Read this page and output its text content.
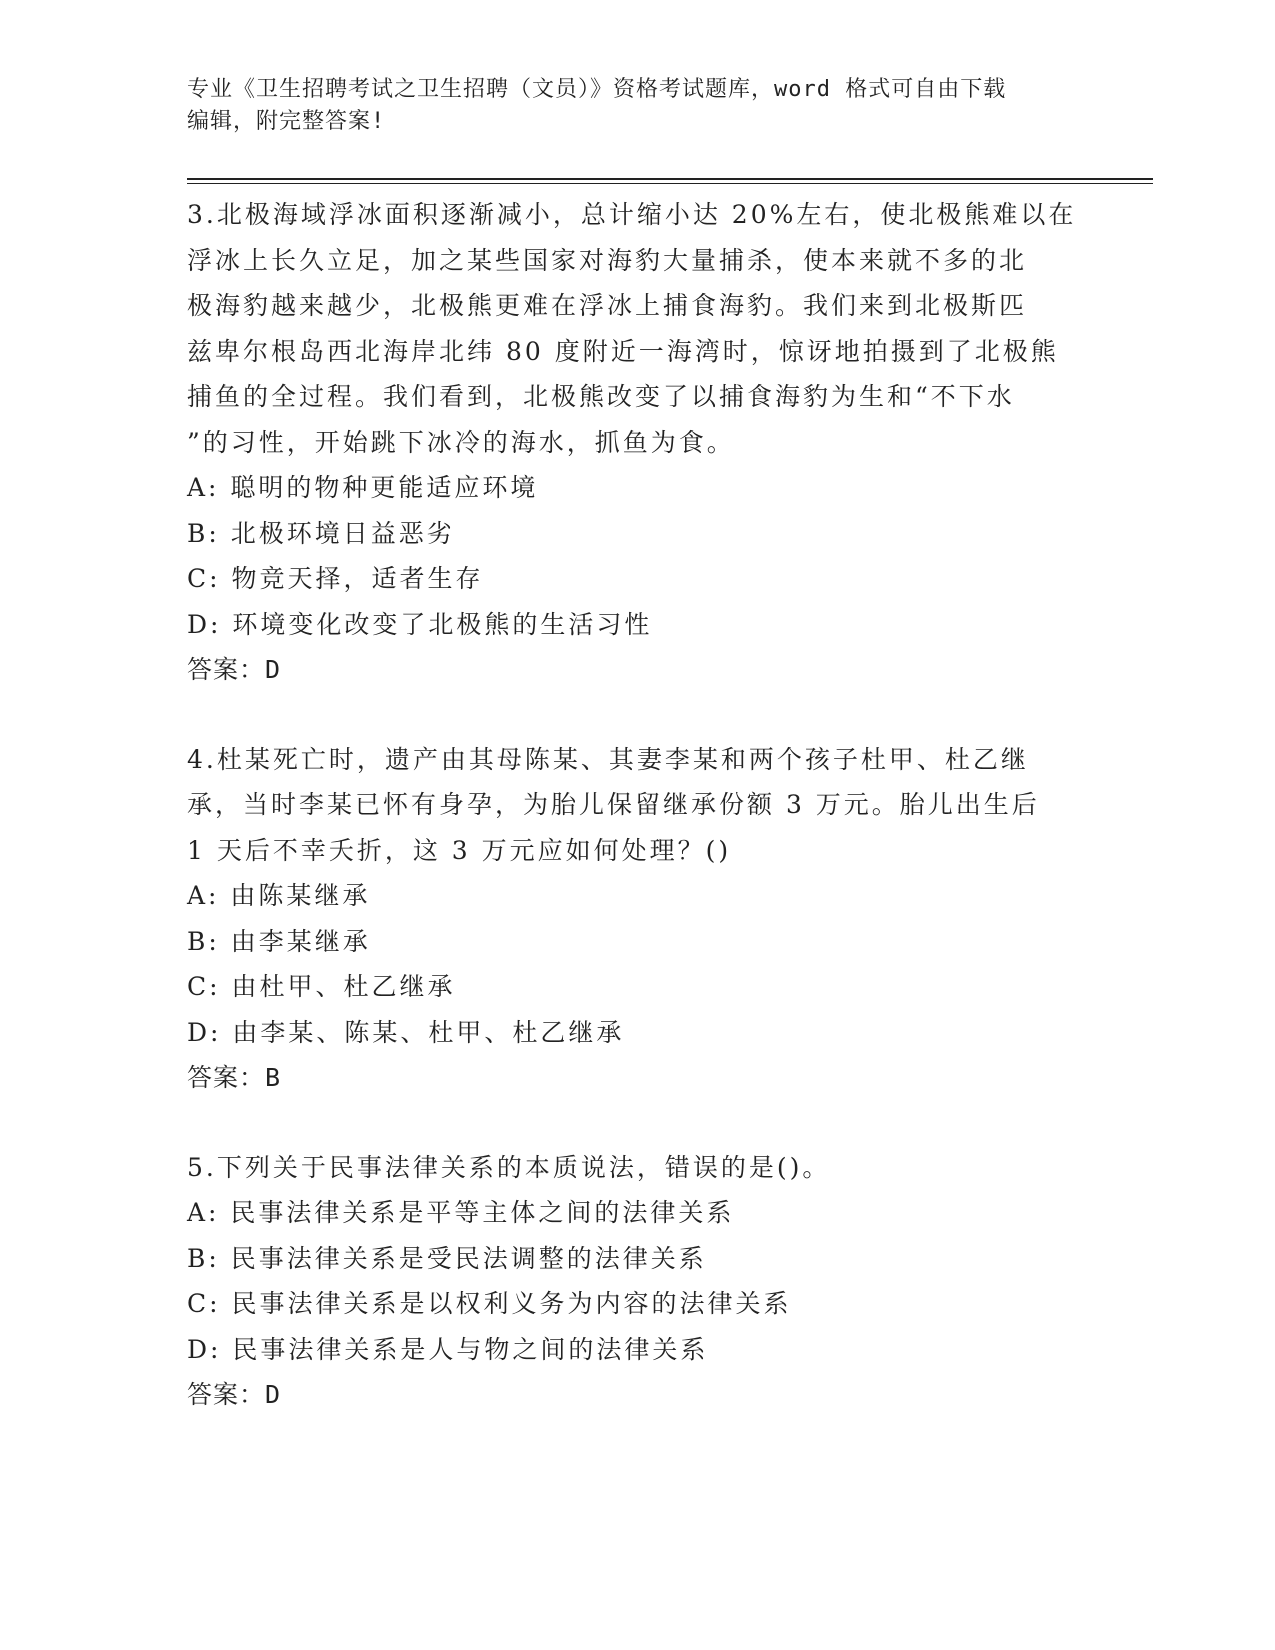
专业《卫生招聘考试之卫生招聘（文员）》资格考试题库，word 格式可自由下载
编辑，附完整答案!
3.北极海域浮冰面积逐渐减小，总计缩小达 20%左右，使北极熊难以在
浮冰上长久立足，加之某些国家对海豹大量捕杀，使本来就不多的北
极海豹越来越少，北极熊更难在浮冰上捕食海豹。我们来到北极斯匹
兹卑尔根岛西北海岸北纬 80 度附近一海湾时，惊讶地拍摄到了北极熊
捕鱼的全过程。我们看到，北极熊改变了以捕食海豹为生和“不下水
”的习性，开始跳下冰冷的海水，抓鱼为食。
A: 聪明的物种更能适应环境
B: 北极环境日益恶劣
C: 物竞天择，适者生存
D: 环境变化改变了北极熊的生活习性
答案：D
4.杜某死亡时，遗产由其母陈某、其妻李某和两个孩子杜甲、杜乙继
承，当时李某已怀有身孕，为胎儿保留继承份额 3 万元。胎儿出生后
1 天后不幸夭折，这 3 万元应如何处理？()
A: 由陈某继承
B: 由李某继承
C: 由杜甲、杜乙继承
D: 由李某、陈某、杜甲、杜乙继承
答案：B
5.下列关于民事法律关系的本质说法，错误的是()。
A: 民事法律关系是平等主体之间的法律关系
B: 民事法律关系是受民法调整的法律关系
C: 民事法律关系是以权利义务为内容的法律关系
D: 民事法律关系是人与物之间的法律关系
答案：D
